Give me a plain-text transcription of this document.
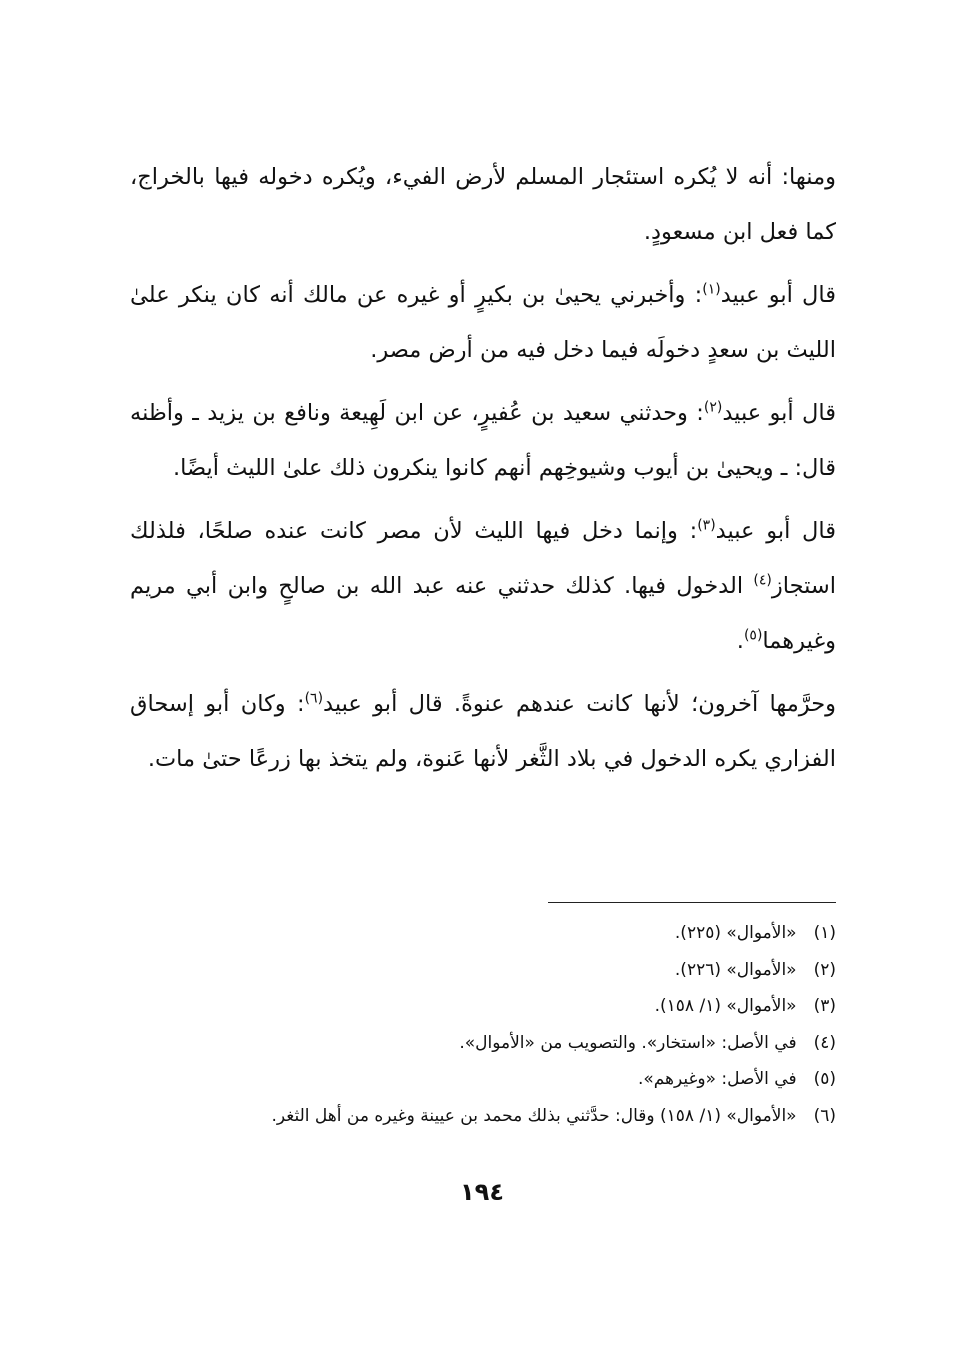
ومنها: أنه لا يُكره استئجار المسلم لأرض الفيء، ويُكره دخوله فيها بالخراج، كما فعل ابن مسعودٍ.

قال أبو عبيد$^{(١)}$: وأخبرني يحيىٰ بن بكيرٍ أو غيره عن مالك أنه كان ينكر علىٰ الليث بن سعدٍ دخولَه فيما دخل فيه من أرض مصر.

قال أبو عبيد$^{(٢)}$: وحدثني سعيد بن عُفيرٍ، عن ابن لَهِيعة ونافع بن يزيد ـ وأظنه قال: ـ ويحيىٰ بن أيوب وشيوخِهم أنهم كانوا ينكرون ذلك علىٰ الليث أيضًا.

قال أبو عبيد$^{(٣)}$: وإنما دخل فيها الليث لأن مصر كانت عنده صلحًا، فلذلك استجاز$^{(٤)}$ الدخول فيها. كذلك حدثني عنه عبد الله بن صالحٍ وابن أبي مريم وغيرهما$^{(٥)}$.

وحرَّمها آخرون؛ لأنها كانت عندهم عنوةً. قال أبو عبيد$^{(٦)}$: وكان أبو إسحاق الفزاري يكره الدخول في بلاد الثَّغر لأنها عَنوة، ولم يتخذ بها زرعًا حتىٰ مات.

(١) «الأموال» (٢٢٥).
(٢) «الأموال» (٢٢٦).
(٣) «الأموال» (١/ ١٥٨).
(٤) في الأصل: «استخار». والتصويب من «الأموال».
(٥) في الأصل: «وغيرهم».
(٦) «الأموال» (١/ ١٥٨) وقال: حدَّثني بذلك محمد بن عيينة وغيره من أهل الثغر.
١٩٤
